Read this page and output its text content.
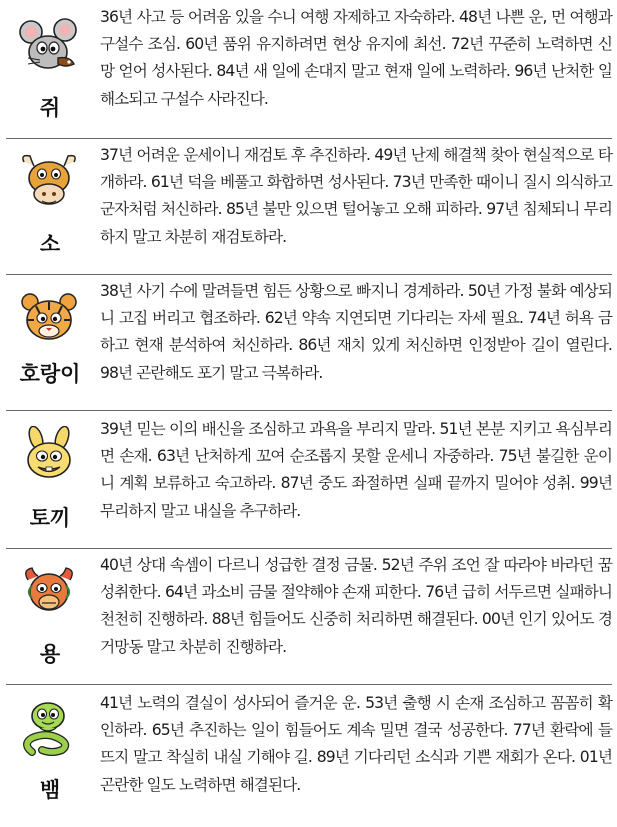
쥐
36년 사고 등 어려움 있을 수니 여행 자제하고 자숙하라. 48년 나쁜 운, 먼 여행과 구설수 조심. 60년 품위 유지하려면 현상 유지에 최선. 72년 꾸준히 노력하면 신망 얻어 성사된다. 84년 새 일에 손대지 말고 현재 일에 노력하라. 96년 난처한 일 해소되고 구설수 사라진다.
소
37년 어려운 운세이니 재검토 후 추진하라. 49년 난제 해결책 찾아 현실적으로 타개하라. 61년 덕을 베풀고 화합하면 성사된다. 73년 만족한 때이니 질시 의식하고 군자처럼 처신하라. 85년 불만 있으면 털어놓고 오해 피하라. 97년 침체되니 무리하지 말고 차분히 재검토하라.
호랑이
38년 사기 수에 말려들면 힘든 상황으로 빠지니 경계하라. 50년 가정 불화 예상되니 고집 버리고 협조하라. 62년 약속 지연되면 기다리는 자세 필요. 74년 허욕 금하고 현재 분석하여 처신하라. 86년 재치 있게 처신하면 인정받아 길이 열린다. 98년 곤란해도 포기 말고 극복하라.
토끼
39년 믿는 이의 배신을 조심하고 과욕을 부리지 말라. 51년 본분 지키고 욕심부리면 손재. 63년 난처하게 꼬여 순조롭지 못할 운세니 자중하라. 75년 불길한 운이니 계획 보류하고 숙고하라. 87년 중도 좌절하면 실패 끝까지 밀어야 성취. 99년 무리하지 말고 내실을 추구하라.
용
40년 상대 속셈이 다르니 성급한 결정 금물. 52년 주위 조언 잘 따라야 바라던 꿈 성취한다. 64년 과소비 금물 절약해야 손재 피한다. 76년 급히 서두르면 실패하니 천천히 진행하라. 88년 힘들어도 신중히 처리하면 해결된다. 00년 인기 있어도 경거망동 말고 차분히 진행하라.
뱀
41년 노력의 결실이 성사되어 즐거운 운. 53년 출행 시 손재 조심하고 꼼꼼히 확인하라. 65년 추진하는 일이 힘들어도 계속 밀면 결국 성공한다. 77년 환락에 들뜨지 말고 착실히 내실 기해야 길. 89년 기다리던 소식과 기쁜 재회가 온다. 01년 곤란한 일도 노력하면 해결된다.
